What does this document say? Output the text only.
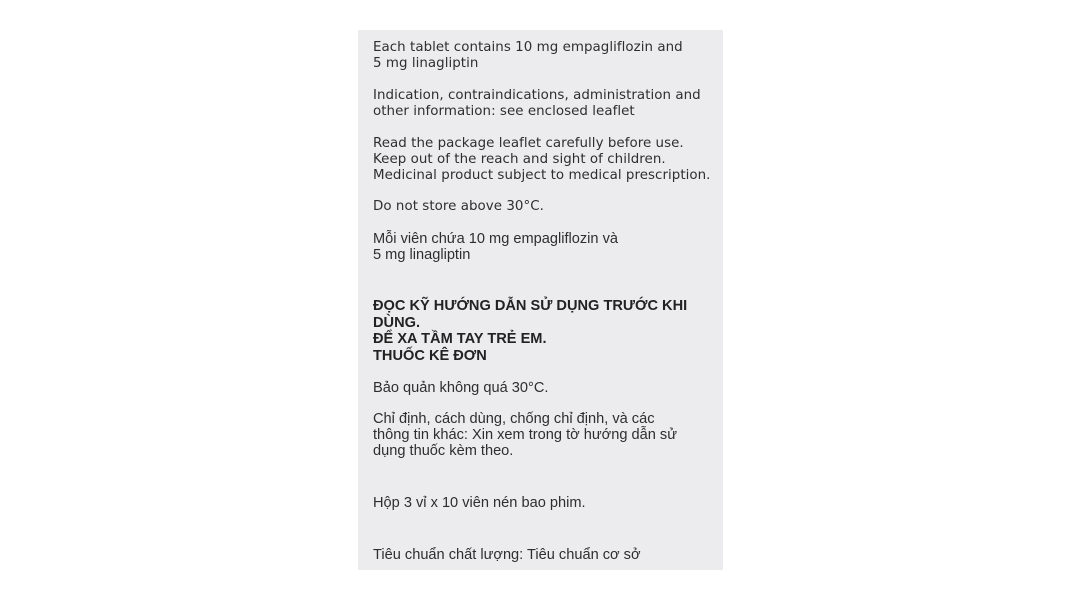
Each tablet contains 10 mg empagliflozin and
5 mg linagliptin

Indication, contraindications, administration and
other information: see enclosed leaflet

Read the package leaflet carefully before use.
Keep out of the reach and sight of children.
Medicinal product subject to medical prescription.

Do not store above 30°C.

Mỗi viên chứa 10 mg empagliflozin và
5 mg linagliptin

ĐỌC KỸ HƯỚNG DẪN SỬ DỤNG TRƯỚC KHI
DÙNG.
ĐỂ XA TẦM TAY TRẺ EM.
THUỐC KÊ ĐƠN

Bảo quản không quá 30°C.

Chỉ định, cách dùng, chống chỉ định, và các
thông tin khác: Xin xem trong tờ hướng dẫn sử
dụng thuốc kèm theo.

Hộp 3 vỉ x 10 viên nén bao phim.

Tiêu chuẩn chất lượng: Tiêu chuẩn cơ sở
